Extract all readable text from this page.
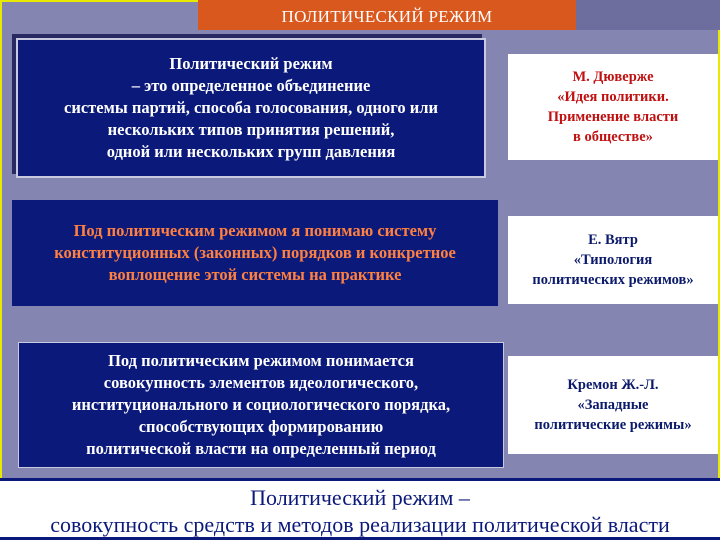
ПОЛИТИЧЕСКИЙ РЕЖИМ
Политический режим
– это определенное объединение
системы партий, способа голосования, одного или
нескольких типов принятия решений,
одной или нескольких групп давления
М. Дюверже
«Идея политики.
Применение власти
в обществе»
Под политическим режимом я понимаю систему
конституционных (законных) порядков и конкретное
воплощение этой системы на практике
Е. Вятр
«Типология
политических режимов»
Под политическим режимом понимается
совокупность элементов идеологического,
институционального и социологического порядка,
способствующих формированию
политической власти на определенный период
Кремон Ж.-Л.
«Западные
политические режимы»
Политический режим –
совокупность средств и методов реализации политической власти
